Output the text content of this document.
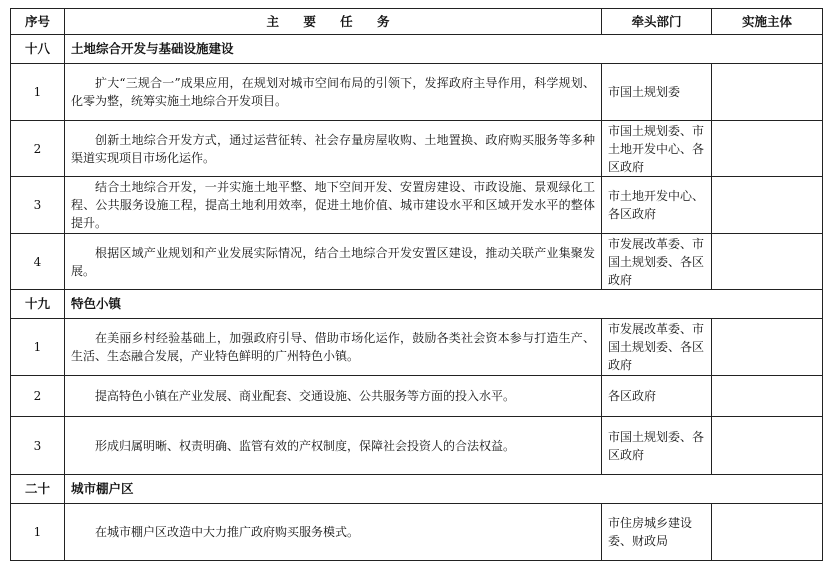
序号	主 要 任 务	牵头部门	实施主体
十八	土地综合开发与基础设施建设		
1	扩大“三规合一”成果应用，在规划对城市空间布局的引领下，发挥政府主导作用，科学规划、化零为整，统筹实施土地综合开发项目。	市国土规划委	
2	创新土地综合开发方式，通过运营征转、社会存量房屋收购、土地置换、政府购买服务等多种渠道实现项目市场化运作。	市国土规划委、市土地开发中心、各区政府	
3	结合土地综合开发，一并实施土地平整、地下空间开发、安置房建设、市政设施、景观绿化工程、公共服务设施工程，提高土地利用效率，促进土地价值、城市建设水平和区域开发水平的整体提升。	市土地开发中心、各区政府	
4	根据区域产业规划和产业发展实际情况，结合土地综合开发安置区建设，推动关联产业集聚发展。	市发展改革委、市国土规划委、各区政府	
十九	特色小镇		
1	在美丽乡村经验基础上，加强政府引导、借助市场化运作，鼓励各类社会资本参与打造生产、生活、生态融合发展，产业特色鲜明的广州特色小镇。	市发展改革委、市国土规划委、各区政府	
2	提高特色小镇在产业发展、商业配套、交通设施、公共服务等方面的投入水平。	各区政府	
3	形成归属明晰、权责明确、监管有效的产权制度，保障社会投资人的合法权益。	市国土规划委、各区政府	
二十	城市棚户区		
1	在城市棚户区改造中大力推广政府购买服务模式。	市住房城乡建设委、财政局	
